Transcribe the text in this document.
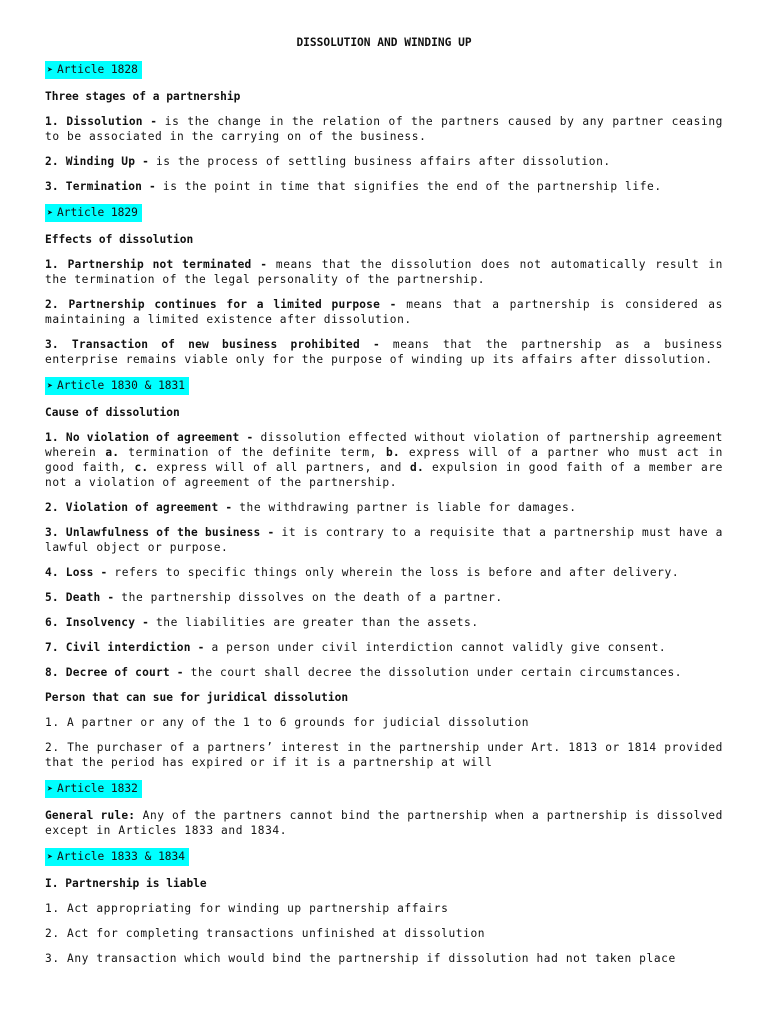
DISSOLUTION AND WINDING UP
➤ Article 1828
Three stages of a partnership
1. Dissolution - is the change in the relation of the partners caused by any partner ceasing to be associated in the carrying on of the business.
2. Winding Up - is the process of settling business affairs after dissolution.
3. Termination - is the point in time that signifies the end of the partnership life.
➤ Article 1829
Effects of dissolution
1. Partnership not terminated - means that the dissolution does not automatically result in the termination of the legal personality of the partnership.
2. Partnership continues for a limited purpose - means that a partnership is considered as maintaining a limited existence after dissolution.
3. Transaction of new business prohibited - means that the partnership as a business enterprise remains viable only for the purpose of winding up its affairs after dissolution.
➤ Article 1830 & 1831
Cause of dissolution
1. No violation of agreement - dissolution effected without violation of partnership agreement wherein a. termination of the definite term, b. express will of a partner who must act in good faith, c. express will of all partners, and d. expulsion in good faith of a member are not a violation of agreement of the partnership.
2. Violation of agreement - the withdrawing partner is liable for damages.
3. Unlawfulness of the business - it is contrary to a requisite that a partnership must have a lawful object or purpose.
4. Loss - refers to specific things only wherein the loss is before and after delivery.
5. Death - the partnership dissolves on the death of a partner.
6. Insolvency - the liabilities are greater than the assets.
7. Civil interdiction - a person under civil interdiction cannot validly give consent.
8. Decree of court - the court shall decree the dissolution under certain circumstances.
Person that can sue for juridical dissolution
1. A partner or any of the 1 to 6 grounds for judicial dissolution
2. The purchaser of a partners’ interest in the partnership under Art. 1813 or 1814 provided that the period has expired or if it is a partnership at will
➤ Article 1832
General rule: Any of the partners cannot bind the partnership when a partnership is dissolved except in Articles 1833 and 1834.
➤ Article 1833 & 1834
I. Partnership is liable
1. Act appropriating for winding up partnership affairs
2. Act for completing transactions unfinished at dissolution
3. Any transaction which would bind the partnership if dissolution had not taken place
